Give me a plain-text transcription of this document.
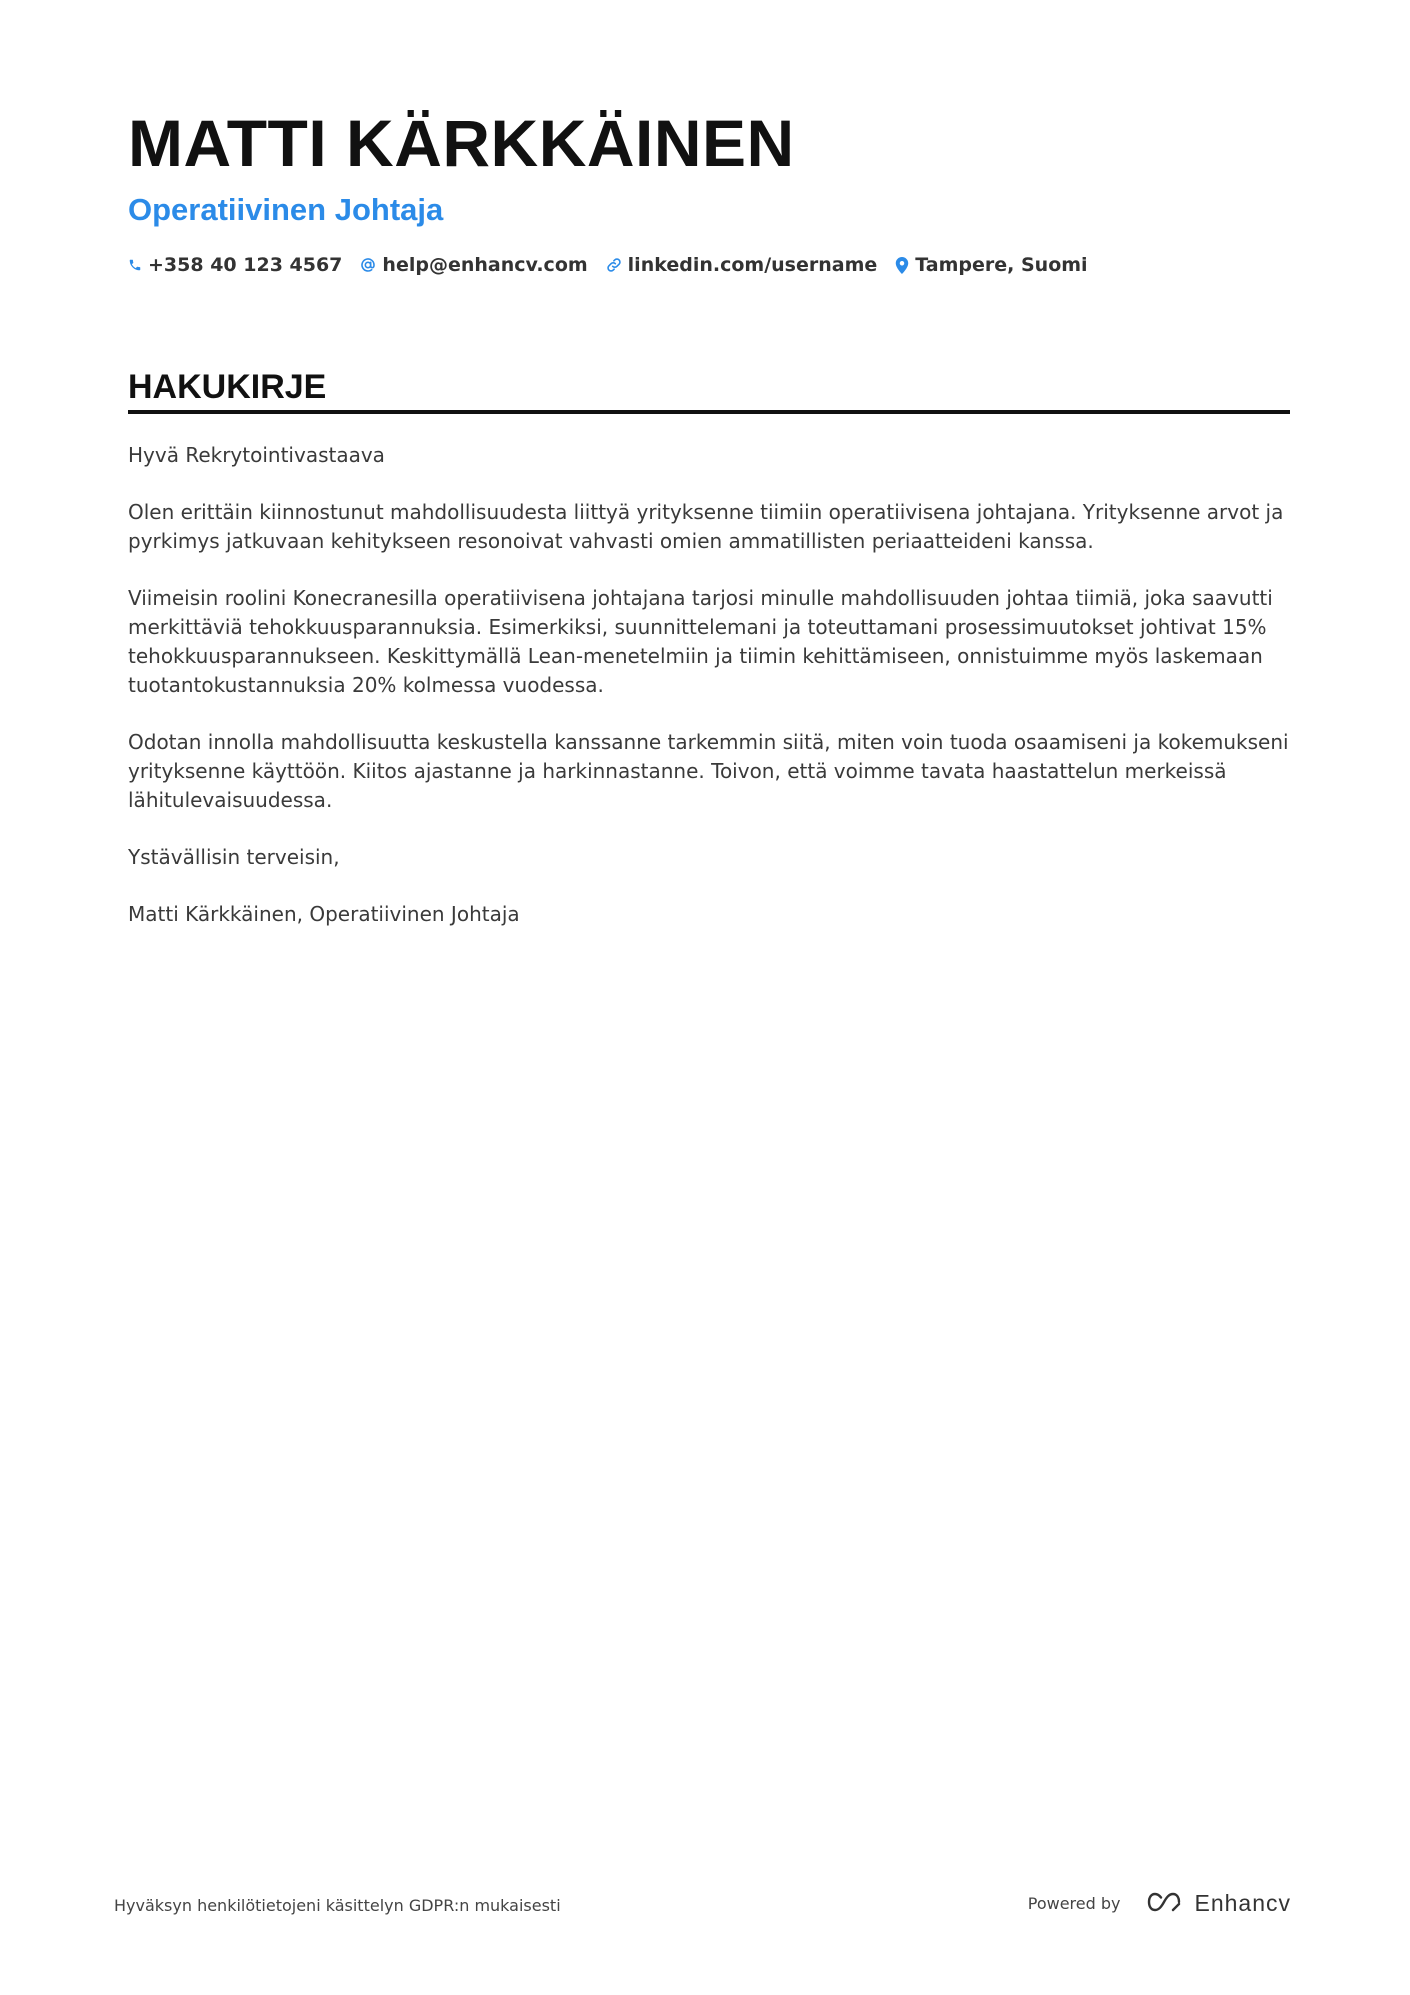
MATTI KÄRKKÄINEN
Operatiivinen Johtaja
+358 40 123 4567 help@enhancv.com linkedin.com/username Tampere, Suomi
HAKUKIRJE

Hyvä Rekrytointivastaava

Olen erittäin kiinnostunut mahdollisuudesta liittyä yrityksenne tiimiin operatiivisena johtajana. Yrityksenne arvot ja pyrkimys jatkuvaan kehitykseen resonoivat vahvasti omien ammatillisten periaatteideni kanssa.

Viimeisin roolini Konecranesilla operatiivisena johtajana tarjosi minulle mahdollisuuden johtaa tiimiä, joka saavutti merkittäviä tehokkuusparannuksia. Esimerkiksi, suunnittelemani ja toteuttamani prosessimuutokset johtivat 15% tehokkuusparannukseen. Keskittymällä Lean-menetelmiin ja tiimin kehittämiseen, onnistuimme myös laskemaan tuotantokustannuksia 20% kolmessa vuodessa.

Odotan innolla mahdollisuutta keskustella kanssanne tarkemmin siitä, miten voin tuoda osaamiseni ja kokemukseni yrityksenne käyttöön. Kiitos ajastanne ja harkinnastanne. Toivon, että voimme tavata haastattelun merkeissä lähitulevaisuudessa.

Ystävällisin terveisin,

Matti Kärkkäinen, Operatiivinen Johtaja

Hyväksyn henkilötietojeni käsittelyn GDPR:n mukaisesti	Powered by	Enhancv
